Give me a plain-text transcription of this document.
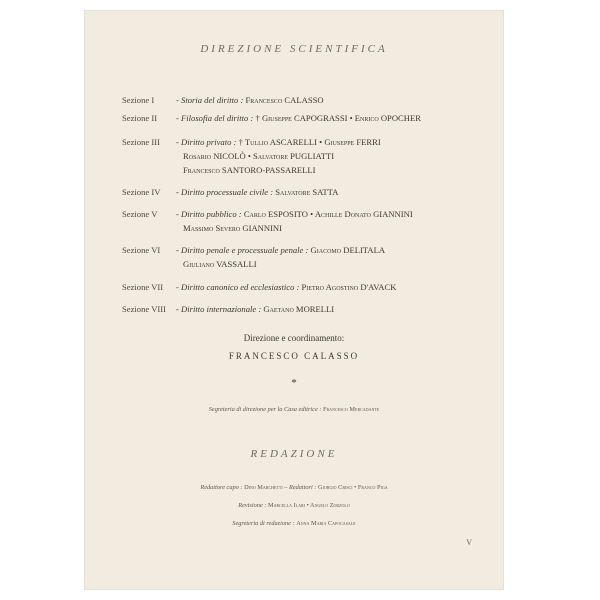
DIREZIONE SCIENTIFICA
Sezione I	- Storia del diritto : Francesco CALASSO
Sezione II	- Filosofia del diritto : † Giuseppe CAPOGRASSI • Enrico OPOCHER
Sezione III	- Diritto privato : † Tullio ASCARELLI • Giuseppe FERRI
Rosario NICOLÒ • Salvatore PUGLIATTI
Francesco SANTORO-PASSARELLI
Sezione IV	- Diritto processuale civile : Salvatore SATTA
Sezione V	- Diritto pubblico : Carlo ESPOSITO • Achille Donato GIANNINI
Massimo Severo GIANNINI
Sezione VI	- Diritto penale e processuale penale : Giacomo DELITALA
Giuliano VASSALLI
Sezione VII	- Diritto canonico ed ecclesiastico : Pietro Agostino D'AVACK
Sezione VIII	- Diritto internazionale : Gaetano MORELLI
Direzione e coordinamento:
FRANCESCO CALASSO
*
Segreteria di direzione per la Casa editrice : Francesco Mercadante
REDAZIONE
Redattore capo : Dino Marchetti – Redattori : Giorgio Crisci • Franco Piga
Revisione : Marcella Ilari • Angelo Zorzolo
Segreteria di redazione : Anna Maria Capocasale
V
